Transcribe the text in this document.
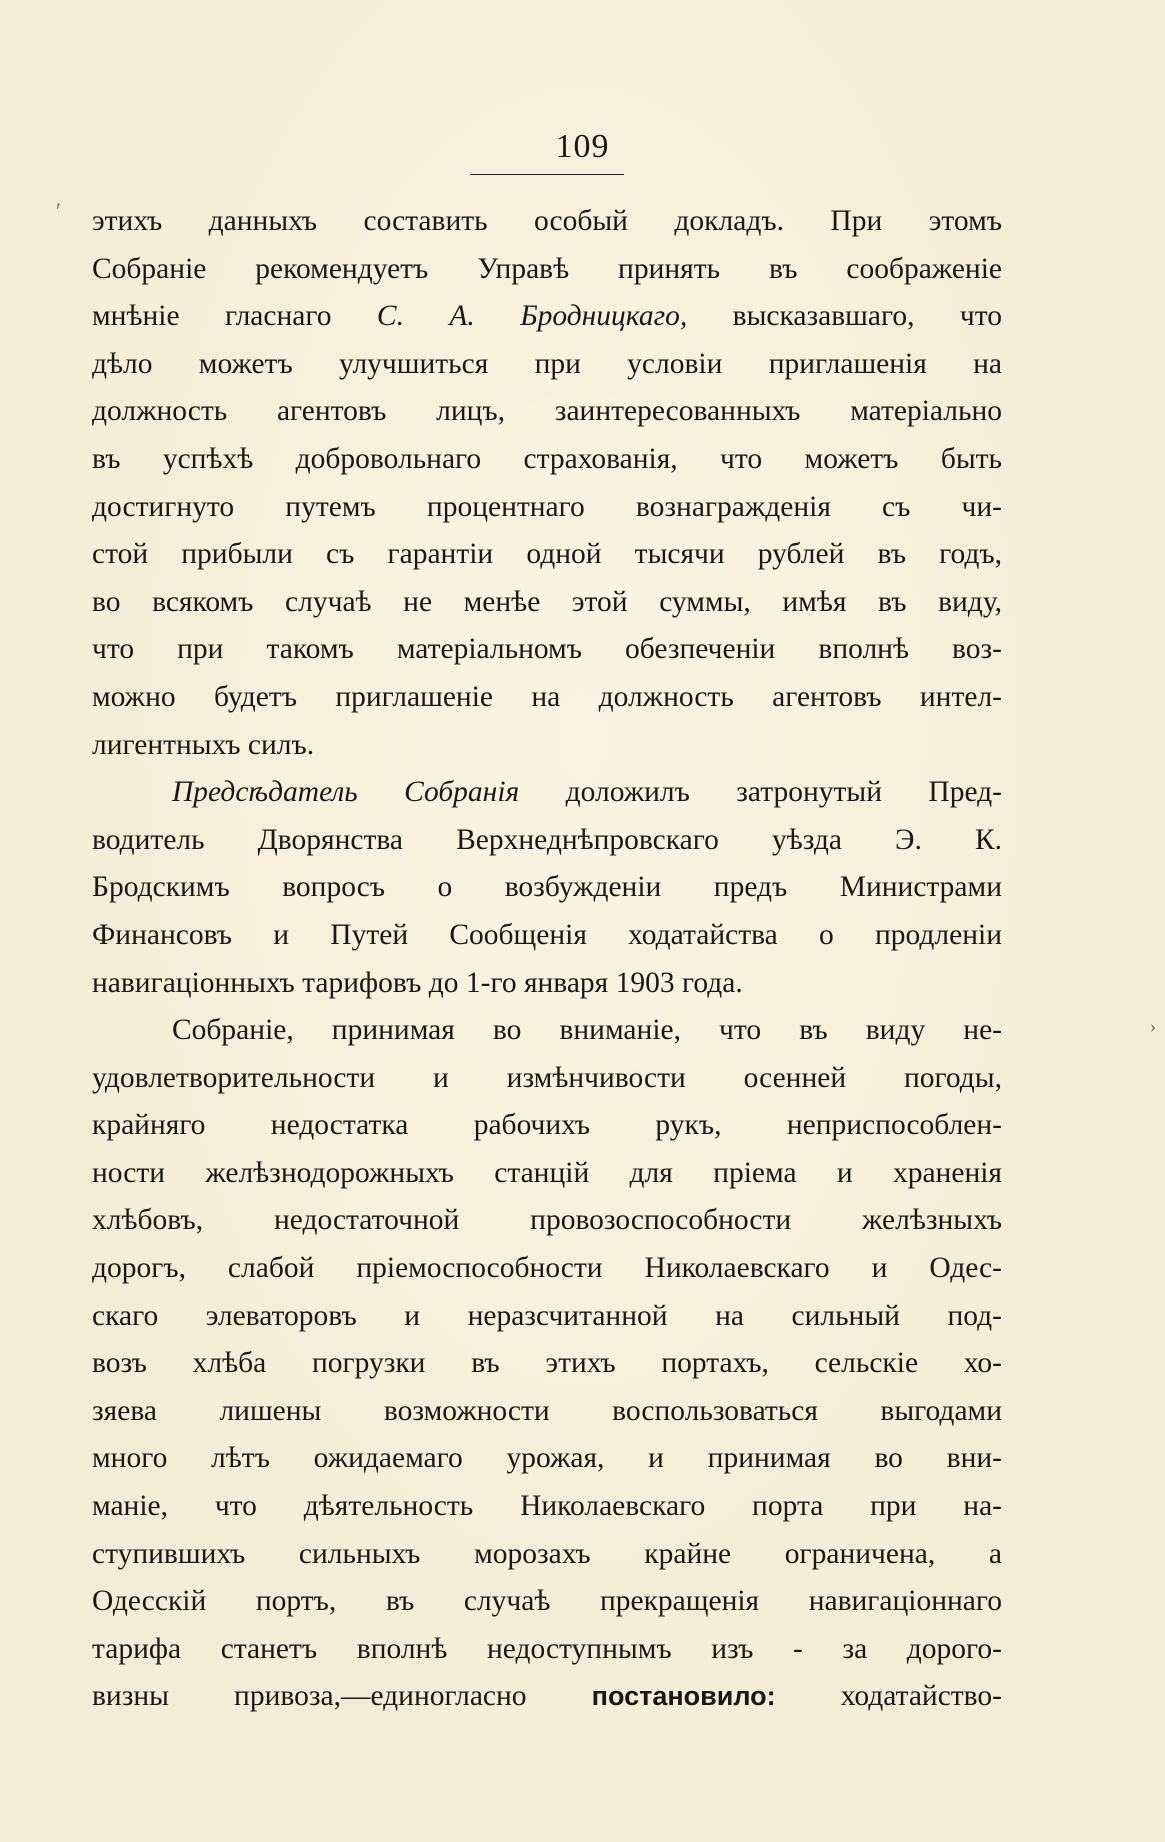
109
′
›
этихъ данныхъ составить особый докладъ. При этомъ
Собраніе рекомендуетъ Управѣ принять въ соображеніе
мнѣніе гласнаго С. А. Бродницкаго, высказавшаго, что
дѣло можетъ улучшиться при условіи приглашенія на
должность агентовъ лицъ, заинтересованныхъ матеріально
въ успѣхѣ добровольнаго страхованія, что можетъ быть
достигнуто путемъ процентнаго вознагражденія съ чи-
стой прибыли съ гарантіи одной тысячи рублей въ годъ,
во всякомъ случаѣ не менѣе этой суммы, имѣя въ виду,
что при такомъ матеріальномъ обезпеченіи вполнѣ воз-
можно будетъ приглашеніе на должность агентовъ интел-
лигентныхъ силъ.
Предсѣдатель Собранія доложилъ затронутый Пред-
водитель Дворянства Верхнеднѣпровскаго уѣзда Э. К.
Бродскимъ вопросъ о возбужденіи предъ Министрами
Финансовъ и Путей Сообщенія ходатайства о продленіи
навигаціонныхъ тарифовъ до 1-го января 1903 года.
Собраніе, принимая во вниманіе, что въ виду не-
удовлетворительности и измѣнчивости осенней погоды,
крайняго недостатка рабочихъ рукъ, неприспособлен-
ности желѣзнодорожныхъ станцій для пріема и храненія
хлѣбовъ, недостаточной провозоспособности желѣзныхъ
дорогъ, слабой пріемоспособности Николаевскаго и Одес-
скаго элеваторовъ и неразсчитанной на сильный под-
возъ хлѣба погрузки въ этихъ портахъ, сельскіе хо-
зяева лишены возможности воспользоваться выгодами
много лѣтъ ожидаемаго урожая, и принимая во вни-
маніе, что дѣятельность Николаевскаго порта при на-
ступившихъ сильныхъ морозахъ крайне ограничена, а
Одесскій портъ, въ случаѣ прекращенія навигаціоннаго
тарифа станетъ вполнѣ недоступнымъ изъ - за дорого-
визны привоза,—единогласно постановило: ходатайство-
